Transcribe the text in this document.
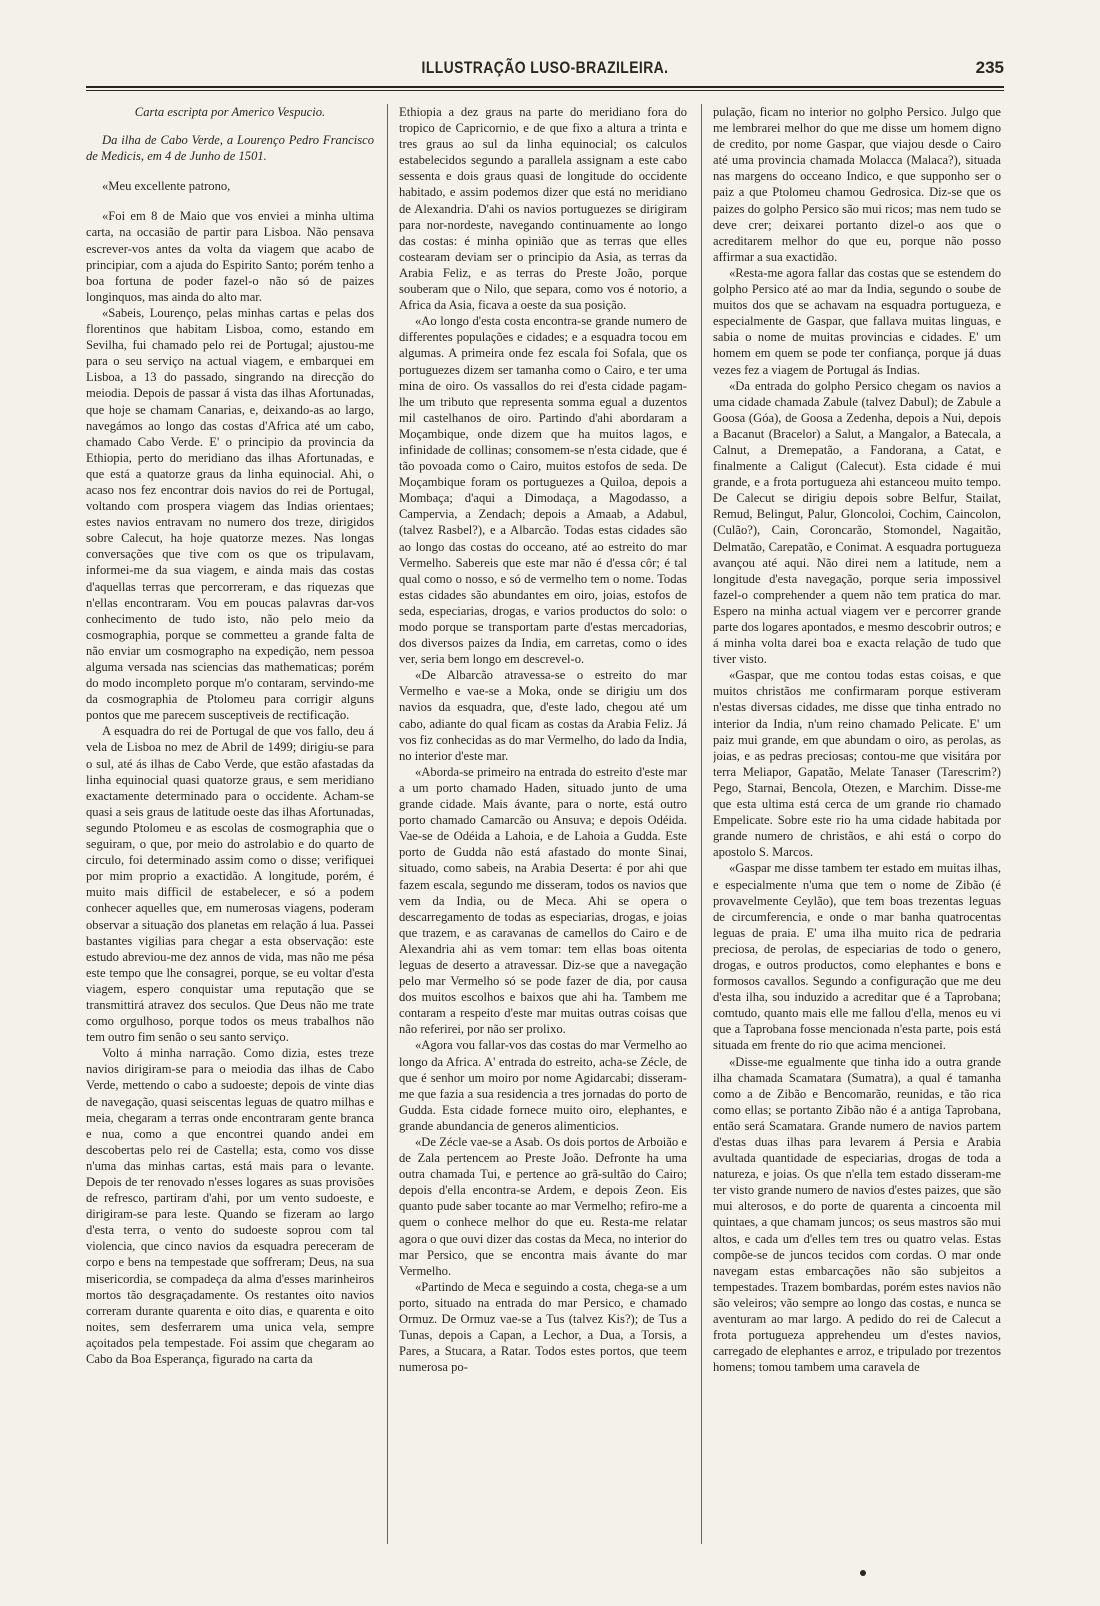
ILLUSTRAÇÃO LUSO-BRAZILEIRA.	235

Carta escripta por Americo Vespucio.

Da ilha de Cabo Verde, a Lourenço Pedro Francisco de Medicis, em 4 de Junho de 1501.

«Meu excellente patrono,

«Foi em 8 de Maio que vos enviei a minha ultima carta, na occasião de partir para Lisboa. Não pensava escrever-vos antes da volta da viagem que acabo de principiar, com a ajuda do Espirito Santo; porém tenho a boa fortuna de poder fazel-o não só de paizes longinquos, mas ainda do alto mar.

«Sabeis, Lourenço, pelas minhas cartas e pelas dos florentinos que habitam Lisboa, como, estando em Sevilha, fui chamado pelo rei de Portugal; ajustou-me para o seu serviço na actual viagem, e embarquei em Lisboa, a 13 do passado, singrando na direcção do meiodia. Depois de passar á vista das ilhas Afortunadas, que hoje se chamam Canarias, e, deixando-as ao largo, navegámos ao longo das costas d'Africa até um cabo, chamado Cabo Verde. E' o principio da provincia da Ethiopia, perto do meridiano das ilhas Afortunadas, e que está a quatorze graus da linha equinocial. Ahi, o acaso nos fez encontrar dois navios do rei de Portugal, voltando com prospera viagem das Indias orientaes; estes navios entravam no numero dos treze, dirigidos sobre Calecut, ha hoje quatorze mezes. Nas longas conversações que tive com os que os tripulavam, informei-me da sua viagem, e ainda mais das costas d'aquellas terras que percorreram, e das riquezas que n'ellas encontraram. Vou em poucas palavras dar-vos conhecimento de tudo isto, não pelo meio da cosmographia, porque se commetteu a grande falta de não enviar um cosmographo na expedição, nem pessoa alguma versada nas sciencias das mathematicas; porém do modo incompleto porque m'o contaram, servindo-me da cosmographia de Ptolomeu para corrigir alguns pontos que me parecem susceptiveis de rectificação.

A esquadra do rei de Portugal de que vos fallo, deu á vela de Lisboa no mez de Abril de 1499; dirigiu-se para o sul, até ás ilhas de Cabo Verde, que estão afastadas da linha equinocial quasi quatorze graus, e sem meridiano exactamente determinado para o occidente. Acham-se quasi a seis graus de latitude oeste das ilhas Afortunadas, segundo Ptolomeu e as escolas de cosmographia que o seguiram, o que, por meio do astrolabio e do quarto de circulo, foi determinado assim como o disse; verifiquei por mim proprio a exactidão. A longitude, porém, é muito mais difficil de estabelecer, e só a podem conhecer aquelles que, em numerosas viagens, poderam observar a situação dos planetas em relação á lua. Passei bastantes vigilias para chegar a esta observação: este estudo abreviou-me dez annos de vida, mas não me pésa este tempo que lhe consagrei, porque, se eu voltar d'esta viagem, espero conquistar uma reputação que se transmittirá atravez dos seculos. Que Deus não me trate como orgulhoso, porque todos os meus trabalhos não tem outro fim senão o seu santo serviço.

Volto á minha narração. Como dizia, estes treze navios dirigiram-se para o meiodia das ilhas de Cabo Verde, mettendo o cabo a sudoeste; depois de vinte dias de navegação, quasi seiscentas leguas de quatro milhas e meia, chegaram a terras onde encontraram gente branca e nua, como a que encontrei quando andei em descobertas pelo rei de Castella; esta, como vos disse n'uma das minhas cartas, está mais para o levante. Depois de ter renovado n'esses logares as suas provisões de refresco, partiram d'ahi, por um vento sudoeste, e dirigiram-se para leste. Quando se fizeram ao largo d'esta terra, o vento do sudoeste soprou com tal violencia, que cinco navios da esquadra pereceram de corpo e bens na tempestade que soffreram; Deus, na sua misericordia, se compadeça da alma d'esses marinheiros mortos tão desgraçadamente. Os restantes oito navios correram durante quarenta e oito dias, e quarenta e oito noites, sem desferrarem uma unica vela, sempre açoitados pela tempestade. Foi assim que chegaram ao Cabo da Boa Esperança, figurado na carta da

Ethiopia a dez graus na parte do meridiano fora do tropico de Capricornio, e de que fixo a altura a trinta e tres graus ao sul da linha equinocial; os calculos estabelecidos segundo a parallela assignam a este cabo sessenta e dois graus quasi de longitude do occidente habitado, e assim podemos dizer que está no meridiano de Alexandria. D'ahi os navios portuguezes se dirigiram para nor-nordeste, navegando continuamente ao longo das costas: é minha opinião que as terras que elles costearam deviam ser o principio da Asia, as terras da Arabia Feliz, e as terras do Preste João, porque souberam que o Nilo, que separa, como vos é notorio, a Africa da Asia, ficava a oeste da sua posição.

«Ao longo d'esta costa encontra-se grande numero de differentes populações e cidades; e a esquadra tocou em algumas. A primeira onde fez escala foi Sofala, que os portuguezes dizem ser tamanha como o Cairo, e ter uma mina de oiro. Os vassallos do rei d'esta cidade pagam-lhe um tributo que representa somma egual a duzentos mil castelhanos de oiro. Partindo d'ahi abordaram a Moçambique, onde dizem que ha muitos lagos, e infinidade de collinas; consomem-se n'esta cidade, que é tão povoada como o Cairo, muitos estofos de seda. De Moçambique foram os portuguezes a Quiloa, depois a Mombaça; d'aqui a Dimodaça, a Magodasso, a Campervia, a Zendach; depois a Amaab, a Adabul, (talvez Rasbel?), e a Albarcão. Todas estas cidades são ao longo das costas do occeano, até ao estreito do mar Vermelho. Sabereis que este mar não é d'essa côr; é tal qual como o nosso, e só de vermelho tem o nome. Todas estas cidades são abundantes em oiro, joias, estofos de seda, especiarias, drogas, e varios productos do solo: o modo porque se transportam parte d'estas mercadorias, dos diversos paizes da India, em carretas, como o ides ver, seria bem longo em descrevel-o.

«De Albarcão atravessa-se o estreito do mar Vermelho e vae-se a Moka, onde se dirigiu um dos navios da esquadra, que, d'este lado, chegou até um cabo, adiante do qual ficam as costas da Arabia Feliz. Já vos fiz conhecidas as do mar Vermelho, do lado da India, no interior d'este mar.

«Aborda-se primeiro na entrada do estreito d'este mar a um porto chamado Haden, situado junto de uma grande cidade. Mais ávante, para o norte, está outro porto chamado Camarcão ou Ansuva; e depois Odéida. Vae-se de Odéida a Lahoia, e de Lahoia a Gudda. Este porto de Gudda não está afastado do monte Sinai, situado, como sabeis, na Arabia Deserta: é por ahi que fazem escala, segundo me disseram, todos os navios que vem da India, ou de Meca. Ahi se opera o descarregamento de todas as especiarias, drogas, e joias que trazem, e as caravanas de camellos do Cairo e de Alexandria ahi as vem tomar: tem ellas boas oitenta leguas de deserto a atravessar. Diz-se que a navegação pelo mar Vermelho só se pode fazer de dia, por causa dos muitos escolhos e baixos que ahi ha. Tambem me contaram a respeito d'este mar muitas outras coisas que não referirei, por não ser prolixo.

«Agora vou fallar-vos das costas do mar Vermelho ao longo da Africa. A' entrada do estreito, acha-se Zécle, de que é senhor um moiro por nome Agidarcabi; disseram-me que fazia a sua residencia a tres jornadas do porto de Gudda. Esta cidade fornece muito oiro, elephantes, e grande abundancia de generos alimenticios.

«De Zécle vae-se a Asab. Os dois portos de Arboião e de Zala pertencem ao Preste João. Defronte ha uma outra chamada Tui, e pertence ao grã-sultão do Cairo; depois d'ella encontra-se Ardem, e depois Zeon. Eis quanto pude saber tocante ao mar Vermelho; refiro-me a quem o conhece melhor do que eu. Resta-me relatar agora o que ouvi dizer das costas da Meca, no interior do mar Persico, que se encontra mais ávante do mar Vermelho.

«Partindo de Meca e seguindo a costa, chega-se a um porto, situado na entrada do mar Persico, e chamado Ormuz. De Ormuz vae-se a Tus (talvez Kis?); de Tus a Tunas, depois a Capan, a Lechor, a Dua, a Torsis, a Pares, a Stucara, a Ratar. Todos estes portos, que teem numerosa po-

pulação, ficam no interior no golpho Persico. Julgo que me lembrarei melhor do que me disse um homem digno de credito, por nome Gaspar, que viajou desde o Cairo até uma provincia chamada Molacca (Malaca?), situada nas margens do occeano Indico, e que supponho ser o paiz a que Ptolomeu chamou Gedrosica. Diz-se que os paizes do golpho Persico são mui ricos; mas nem tudo se deve crer; deixarei portanto dizel-o aos que o acreditarem melhor do que eu, porque não posso affirmar a sua exactidão.

«Resta-me agora fallar das costas que se estendem do golpho Persico até ao mar da India, segundo o soube de muitos dos que se achavam na esquadra portugueza, e especialmente de Gaspar, que fallava muitas linguas, e sabia o nome de muitas provincias e cidades. E' um homem em quem se pode ter confiança, porque já duas vezes fez a viagem de Portugal ás Indias.

«Da entrada do golpho Persico chegam os navios a uma cidade chamada Zabule (talvez Dabul); de Zabule a Goosa (Góa), de Goosa a Zedenha, depois a Nui, depois a Bacanut (Bracelor) a Salut, a Mangalor, a Batecala, a Calnut, a Dremepatão, a Fandorana, a Catat, e finalmente a Caligut (Calecut). Esta cidade é mui grande, e a frota portugueza ahi estanceou muito tempo. De Calecut se dirigiu depois sobre Belfur, Stailat, Remud, Belingut, Palur, Gloncoloi, Cochim, Caincolon, (Culão?), Cain, Coroncarão, Stomondel, Nagaitão, Delmatão, Carepatão, e Conimat. A esquadra portugueza avançou até aqui. Não direi nem a latitude, nem a longitude d'esta navegação, porque seria impossivel fazel-o comprehender a quem não tem pratica do mar. Espero na minha actual viagem ver e percorrer grande parte dos logares apontados, e mesmo descobrir outros; e á minha volta darei boa e exacta relação de tudo que tiver visto.

«Gaspar, que me contou todas estas coisas, e que muitos christãos me confirmaram porque estiveram n'estas diversas cidades, me disse que tinha entrado no interior da India, n'um reino chamado Pelicate. E' um paiz mui grande, em que abundam o oiro, as perolas, as joias, e as pedras preciosas; contou-me que visitára por terra Meliapor, Gapatão, Melate Tanaser (Tarescrim?) Pego, Starnai, Bencola, Otezen, e Marchim. Disse-me que esta ultima está cerca de um grande rio chamado Empelicate. Sobre este rio ha uma cidade habitada por grande numero de christãos, e ahi está o corpo do apostolo S. Marcos.

«Gaspar me disse tambem ter estado em muitas ilhas, e especialmente n'uma que tem o nome de Zibão (é provavelmente Ceylão), que tem boas trezentas leguas de circumferencia, e onde o mar banha quatrocentas leguas de praia. E' uma ilha muito rica de pedraria preciosa, de perolas, de especiarias de todo o genero, drogas, e outros productos, como elephantes e bons e formosos cavallos. Segundo a configuração que me deu d'esta ilha, sou induzido a acreditar que é a Taprobana; comtudo, quanto mais elle me fallou d'ella, menos eu vi que a Taprobana fosse mencionada n'esta parte, pois está situada em frente do rio que acima mencionei.

«Disse-me egualmente que tinha ido a outra grande ilha chamada Scamatara (Sumatra), a qual é tamanha como a de Zibão e Bencomarão, reunidas, e tão rica como ellas; se portanto Zibão não é a antiga Taprobana, então será Scamatara. Grande numero de navios partem d'estas duas ilhas para levarem á Persia e Arabia avultada quantidade de especiarias, drogas de toda a natureza, e joias. Os que n'ella tem estado disseram-me ter visto grande numero de navios d'estes paizes, que são mui alterosos, e do porte de quarenta a cincoenta mil quintaes, a que chamam juncos; os seus mastros são mui altos, e cada um d'elles tem tres ou quatro velas. Estas compõe-se de juncos tecidos com cordas. O mar onde navegam estas embarcações não são subjeitos a tempestades. Trazem bombardas, porém estes navios não são veleiros; vão sempre ao longo das costas, e nunca se aventuram ao mar largo. A pedido do rei de Calecut a frota portugueza apprehendeu um d'estes navios, carregado de elephantes e arroz, e tripulado por trezentos homens; tomou tambem uma caravela de
